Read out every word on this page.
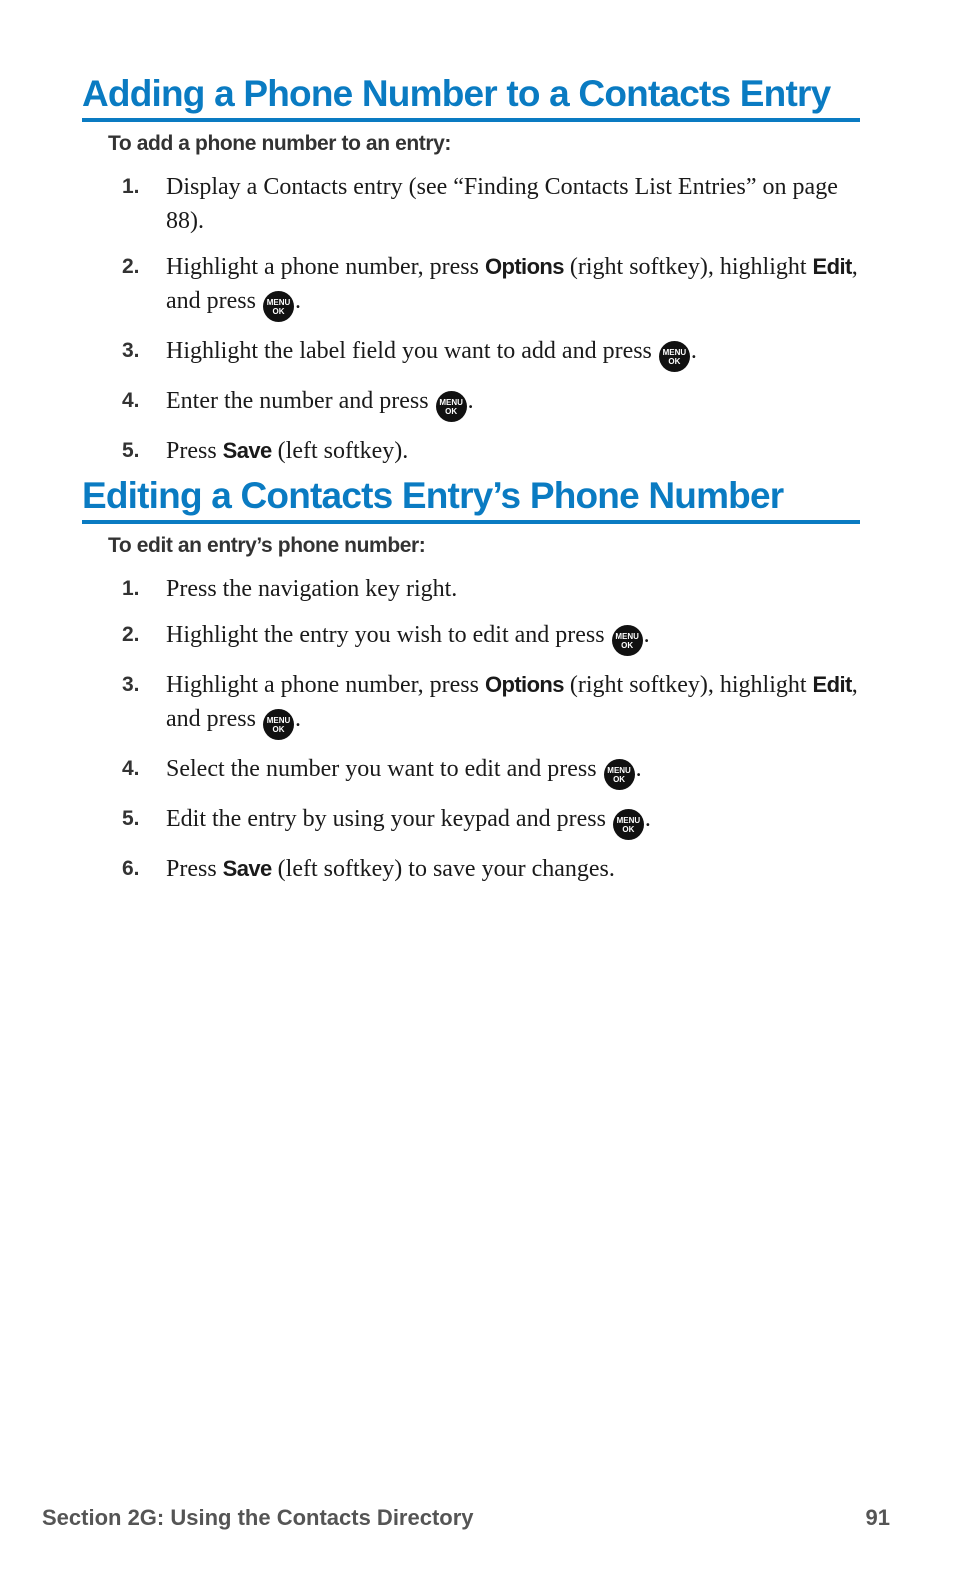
Adding a Phone Number to a Contacts Entry
To add a phone number to an entry:
1. Display a Contacts entry (see “Finding Contacts List Entries” on page 88).
2. Highlight a phone number, press Options (right softkey), highlight Edit, and press MENU
OK .
3. Highlight the label field you want to add and press MENU
OK .
4. Enter the number and press MENU
OK .
5. Press Save (left softkey).
Editing a Contacts Entry’s Phone Number
To edit an entry’s phone number:
1. Press the navigation key right.
2. Highlight the entry you wish to edit and press MENU
OK .
3. Highlight a phone number, press Options (right softkey), highlight Edit, and press MENU
OK .
4. Select the number you want to edit and press MENU
OK .
5. Edit the entry by using your keypad and press MENU
OK .
6. Press Save (left softkey) to save your changes.
Section 2G: Using the Contacts Directory	91
